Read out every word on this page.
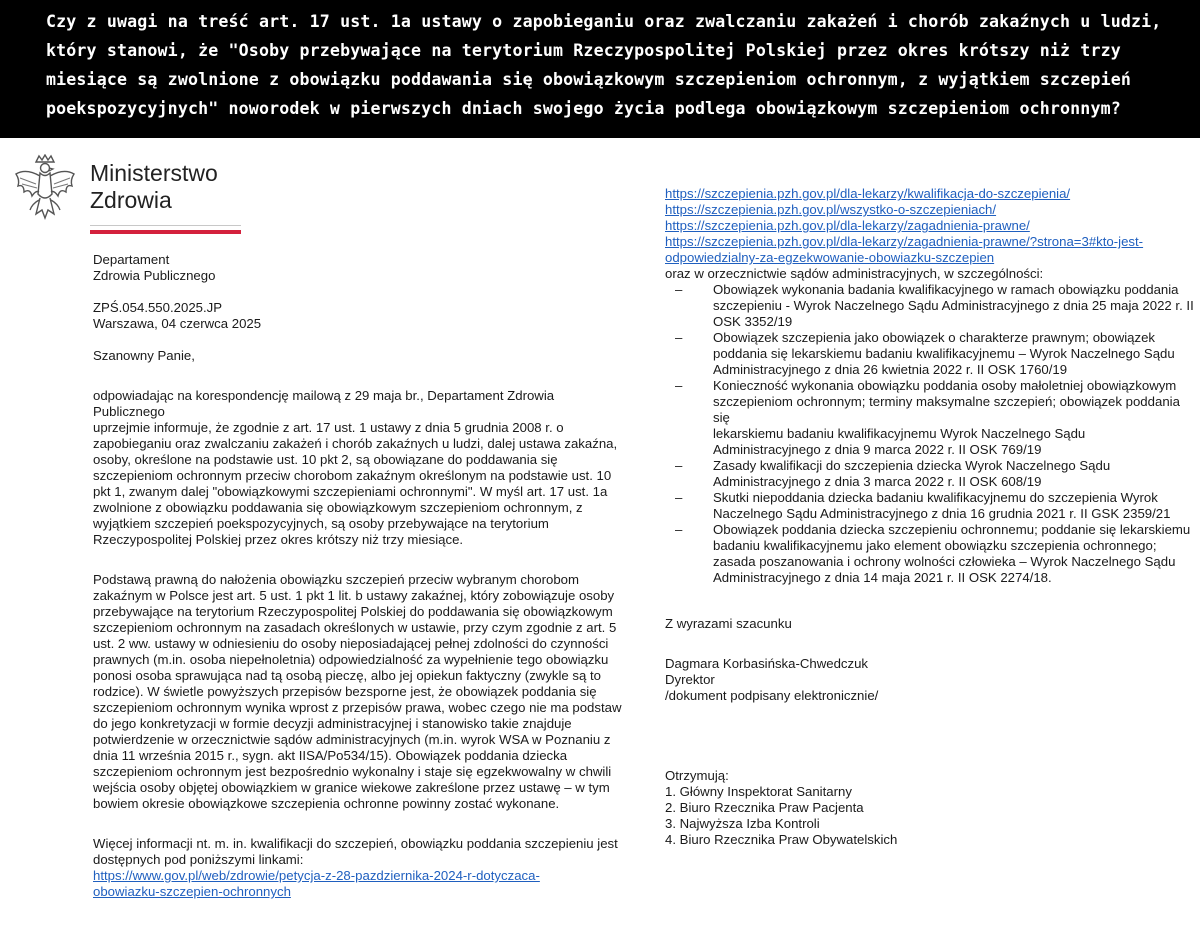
Czy z uwagi na treść art. 17 ust. 1a ustawy o zapobieganiu oraz zwalczaniu zakażeń i chorób zakaźnych u ludzi,
który stanowi, że "Osoby przebywające na terytorium Rzeczypospolitej Polskiej przez okres krótszy niż trzy
miesiące są zwolnione z obowiązku poddawania się obowiązkowym szczepieniom ochronnym, z wyjątkiem szczepień
poekspozycyjnych" noworodek w pierwszych dniach swojego życia podlega obowiązkowym szczepieniom ochronnym?
Ministerstwo
Zdrowia
Departament
Zdrowia Publicznego
ZPŚ.054.550.2025.JP
Warszawa, 04 czerwca 2025
Szanowny Panie,
odpowiadając na korespondencję mailową z 29 maja br., Departament Zdrowia Publicznego
uprzejmie informuje, że zgodnie z art. 17 ust. 1 ustawy z dnia 5 grudnia 2008 r. o
zapobieganiu oraz zwalczaniu zakażeń i chorób zakaźnych u ludzi, dalej ustawa zakaźna,
osoby, określone na podstawie ust. 10 pkt 2, są obowiązane do poddawania się
szczepieniom ochronnym przeciw chorobom zakaźnym określonym na podstawie ust. 10
pkt 1, zwanym dalej "obowiązkowymi szczepieniami ochronnymi". W myśl art. 17 ust. 1a
zwolnione z obowiązku poddawania się obowiązkowym szczepieniom ochronnym, z
wyjątkiem szczepień poekspozycyjnych, są osoby przebywające na terytorium
Rzeczypospolitej Polskiej przez okres krótszy niż trzy miesiące.
Podstawą prawną do nałożenia obowiązku szczepień przeciw wybranym chorobom
zakaźnym w Polsce jest art. 5 ust. 1 pkt 1 lit. b ustawy zakaźnej, który zobowiązuje osoby
przebywające na terytorium Rzeczypospolitej Polskiej do poddawania się obowiązkowym
szczepieniom ochronnym na zasadach określonych w ustawie, przy czym zgodnie z art. 5
ust. 2 ww. ustawy w odniesieniu do osoby nieposiadającej pełnej zdolności do czynności
prawnych (m.in. osoba niepełnoletnia) odpowiedzialność za wypełnienie tego obowiązku
ponosi osoba sprawująca nad tą osobą pieczę, albo jej opiekun faktyczny (zwykle są to
rodzice). W świetle powyższych przepisów bezsporne jest, że obowiązek poddania się
szczepieniom ochronnym wynika wprost z przepisów prawa, wobec czego nie ma podstaw
do jego konkretyzacji w formie decyzji administracyjnej i stanowisko takie znajduje
potwierdzenie w orzecznictwie sądów administracyjnych (m.in. wyrok WSA w Poznaniu z
dnia 11 września 2015 r., sygn. akt IISA/Po534/15). Obowiązek poddania dziecka
szczepieniom ochronnym jest bezpośrednio wykonalny i staje się egzekwowalny w chwili
wejścia osoby objętej obowiązkiem w granice wiekowe zakreślone przez ustawę – w tym
bowiem okresie obowiązkowe szczepienia ochronne powinny zostać wykonane.
Więcej informacji nt. m. in. kwalifikacji do szczepień, obowiązku poddania szczepieniu jest
dostępnych pod poniższymi linkami:
https://www.gov.pl/web/zdrowie/petycja-z-28-pazdziernika-2024-r-dotyczaca-
obowiazku-szczepien-ochronnych
https://szczepienia.pzh.gov.pl/dla-lekarzy/kwalifikacja-do-szczepienia/
https://szczepienia.pzh.gov.pl/wszystko-o-szczepieniach/
https://szczepienia.pzh.gov.pl/dla-lekarzy/zagadnienia-prawne/
https://szczepienia.pzh.gov.pl/dla-lekarzy/zagadnienia-prawne/?strona=3#kto-jest-
odpowiedzialny-za-egzekwowanie-obowiazku-szczepien
oraz w orzecznictwie sądów administracyjnych, w szczególności:
– Obowiązek wykonania badania kwalifikacyjnego w ramach obowiązku poddania
szczepieniu - Wyrok Naczelnego Sądu Administracyjnego z dnia 25 maja 2022 r. II
OSK 3352/19
– Obowiązek szczepienia jako obowiązek o charakterze prawnym; obowiązek
poddania się lekarskiemu badaniu kwalifikacyjnemu – Wyrok Naczelnego Sądu
Administracyjnego z dnia 26 kwietnia 2022 r. II OSK 1760/19
– Konieczność wykonania obowiązku poddania osoby małoletniej obowiązkowym
szczepieniom ochronnym; terminy maksymalne szczepień; obowiązek poddania się
lekarskiemu badaniu kwalifikacyjnemu Wyrok Naczelnego Sądu
Administracyjnego z dnia 9 marca 2022 r. II OSK 769/19
– Zasady kwalifikacji do szczepienia dziecka Wyrok Naczelnego Sądu
Administracyjnego z dnia 3 marca 2022 r. II OSK 608/19
– Skutki niepoddania dziecka badaniu kwalifikacyjnemu do szczepienia Wyrok
Naczelnego Sądu Administracyjnego z dnia 16 grudnia 2021 r. II GSK 2359/21
– Obowiązek poddania dziecka szczepieniu ochronnemu; poddanie się lekarskiemu
badaniu kwalifikacyjnemu jako element obowiązku szczepienia ochronnego;
zasada poszanowania i ochrony wolności człowieka – Wyrok Naczelnego Sądu
Administracyjnego z dnia 14 maja 2021 r. II OSK 2274/18.
Z wyrazami szacunku
Dagmara Korbasińska-Chwedczuk
Dyrektor
/dokument podpisany elektronicznie/
Otrzymują:
1. Główny Inspektorat Sanitarny
2. Biuro Rzecznika Praw Pacjenta
3. Najwyższa Izba Kontroli
4. Biuro Rzecznika Praw Obywatelskich
